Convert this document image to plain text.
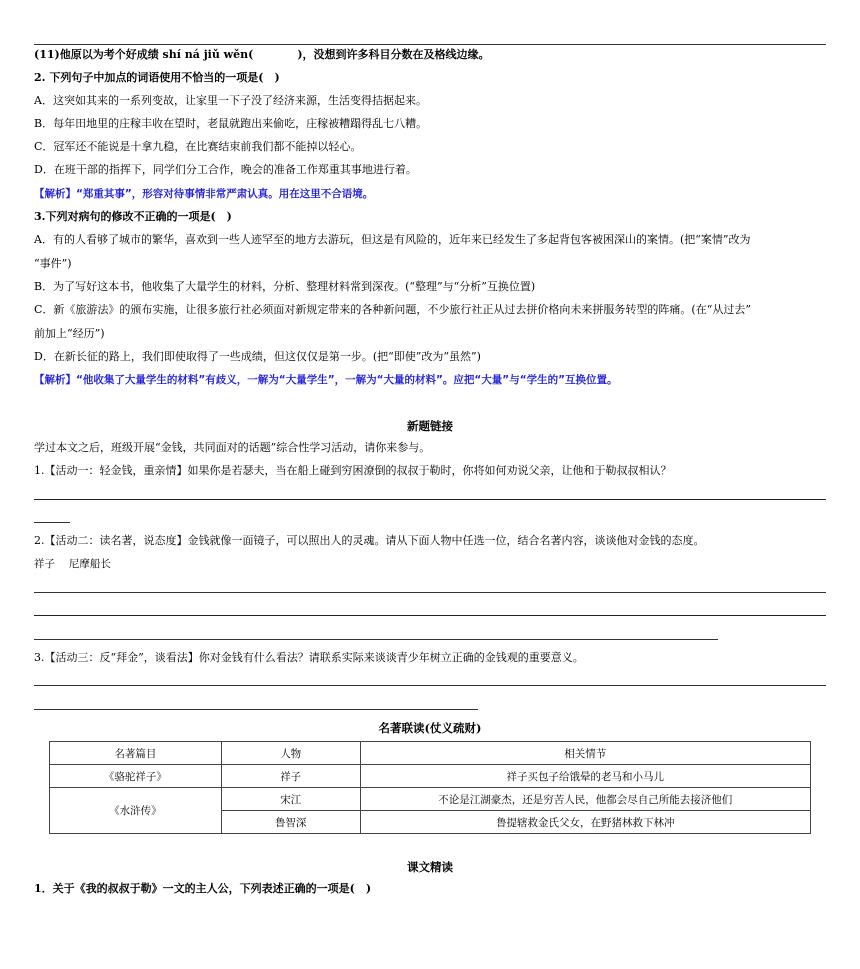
(11)他原以为考个好成绩 shí ná jiǔ wěn(　　　　)，没想到许多科目分数在及格线边缘。
2. 下列句子中加点的词语使用不恰当的一项是(　)
A．这突如其来的一系列变故，让家里一下子没了经济来源，生活变得拮据起来。
B．每年田地里的庄稼丰收在望时，老鼠就跑出来偷吃，庄稼被糟蹋得乱七八糟。
C．冠军还不能说是十拿九稳，在比赛结束前我们都不能掉以轻心。
D．在班干部的指挥下，同学们分工合作，晚会的准备工作郑重其事地进行着。
【解析】“郑重其事”，形容对待事情非常严肃认真。用在这里不合语境。
3.下列对病句的修改不正确的一项是(　)
A．有的人看够了城市的繁华，喜欢到一些人迹罕至的地方去游玩，但这是有风险的，近年来已经发生了多起背包客被困深山的案情。(把“案情”改为
“事件”)
B．为了写好这本书，他收集了大量学生的材料，分析、整理材料常到深夜。(“整理”与“分析”互换位置)
C．新《旅游法》的颁布实施，让很多旅行社必须面对新规定带来的各种新问题，不少旅行社正从过去拼价格向未来拼服务转型的阵痛。(在“从过去”
前加上“经历”)
D．在新长征的路上，我们即使取得了一些成绩，但这仅仅是第一步。(把“即使”改为“虽然”)
【解析】“他收集了大量学生的材料”有歧义，一解为“大量学生”，一解为“大量的材料”。应把“大量”与“学生的”互换位置。
新题链接
学过本文之后，班级开展“金钱，共同面对的话题”综合性学习活动，请你来参与。
1.【活动一：轻金钱，重亲情】如果你是若瑟夫，当在船上碰到穷困潦倒的叔叔于勒时，你将如何劝说父亲，让他和于勒叔叔相认？
2.【活动二：读名著，说态度】金钱就像一面镜子，可以照出人的灵魂。请从下面人物中任选一位，结合名著内容，谈谈他对金钱的态度。
祥子　 尼摩船长
3.【活动三：反“拜金”，谈看法】你对金钱有什么看法？请联系实际来谈谈青少年树立正确的金钱观的重要意义。
名著联读(仗义疏财)
名著篇目	人物	相关情节
《骆驼祥子》	祥子	祥子买包子给饿晕的老马和小马儿
《水浒传》	宋江	不论是江湖豪杰，还是穷苦人民，他都会尽自己所能去接济他们
	鲁智深	鲁提辖救金氏父女，在野猪林救下林冲
课文精读
1．关于《我的叔叔于勒》一文的主人公，下列表述正确的一项是(　)
